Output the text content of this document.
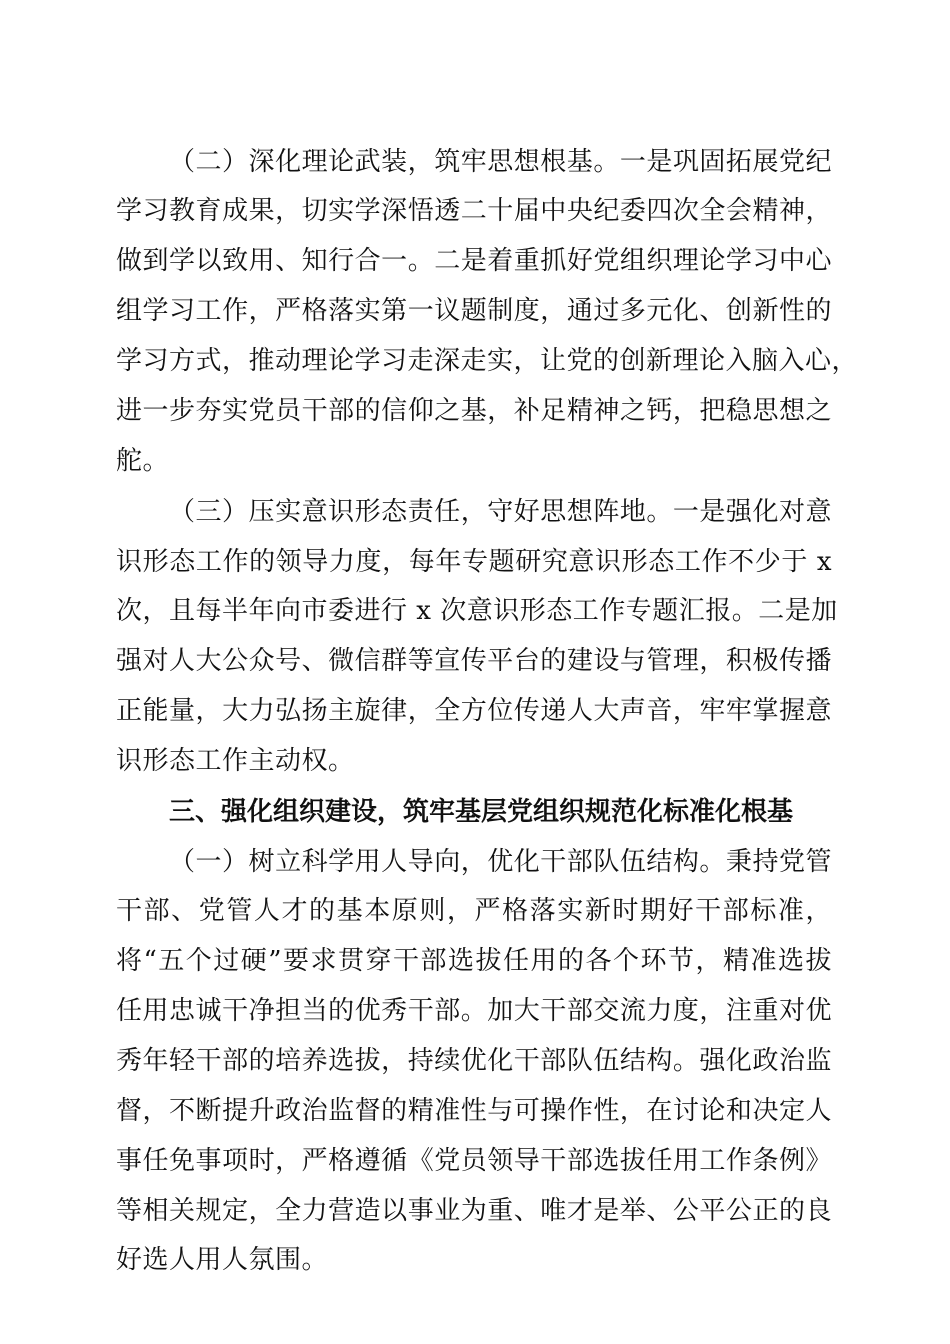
（二）深化理论武装，筑牢思想根基。一是巩固拓展党纪
学习教育成果，切实学深悟透二十届中央纪委四次全会精神，
做到学以致用、知行合一。二是着重抓好党组织理论学习中心
组学习工作，严格落实第一议题制度，通过多元化、创新性的
学习方式，推动理论学习走深走实，让党的创新理论入脑入心，
进一步夯实党员干部的信仰之基，补足精神之钙，把稳思想之
舵。
（三）压实意识形态责任，守好思想阵地。一是强化对意
识形态工作的领导力度，每年专题研究意识形态工作不少于 x
次，且每半年向市委进行 x 次意识形态工作专题汇报。二是加
强对人大公众号、微信群等宣传平台的建设与管理，积极传播
正能量，大力弘扬主旋律，全方位传递人大声音，牢牢掌握意
识形态工作主动权。
三、强化组织建设，筑牢基层党组织规范化标准化根基
（一）树立科学用人导向，优化干部队伍结构。秉持党管
干部、党管人才的基本原则，严格落实新时期好干部标准，
将“五个过硬”要求贯穿干部选拔任用的各个环节，精准选拔
任用忠诚干净担当的优秀干部。加大干部交流力度，注重对优
秀年轻干部的培养选拔，持续优化干部队伍结构。强化政治监
督，不断提升政治监督的精准性与可操作性，在讨论和决定人
事任免事项时，严格遵循《党员领导干部选拔任用工作条例》
等相关规定，全力营造以事业为重、唯才是举、公平公正的良
好选人用人氛围。
